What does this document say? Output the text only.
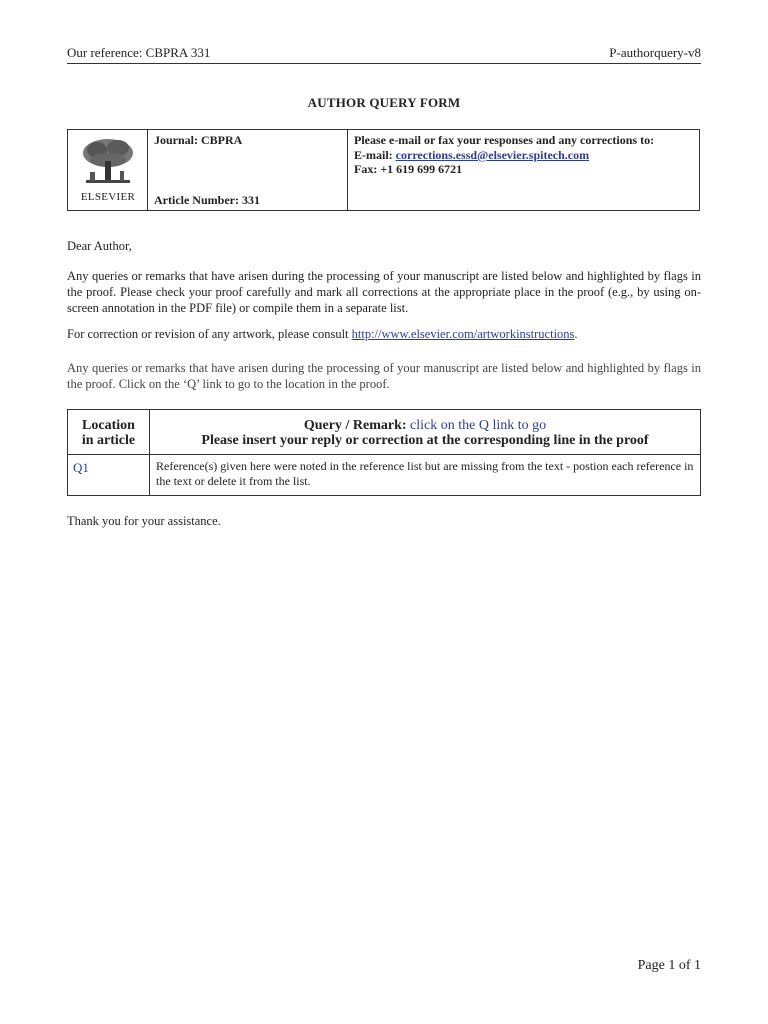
Our reference: CBPRA 331	P-authorquery-v8
AUTHOR QUERY FORM
ELSEVIER
Journal: CBPRA
Article Number: 331
Please e-mail or fax your responses and any corrections to:
E-mail: corrections.essd@elsevier.spitech.com
Fax: +1 619 699 6721
Dear Author,
Any queries or remarks that have arisen during the processing of your manuscript are listed below and highlighted by flags in the proof. Please check your proof carefully and mark all corrections at the appropriate place in the proof (e.g., by using on-screen annotation in the PDF file) or compile them in a separate list.
For correction or revision of any artwork, please consult http://www.elsevier.com/artworkinstructions.
Any queries or remarks that have arisen during the processing of your manuscript are listed below and highlighted by flags in the proof. Click on the ‘Q’ link to go to the location in the proof.
Location
in article
Query / Remark: click on the Q link to go
Please insert your reply or correction at the corresponding line in the proof
Q1	Reference(s) given here were noted in the reference list but are missing from the text - postion each reference in the text or delete it from the list.
Thank you for your assistance.
Page 1 of 1
